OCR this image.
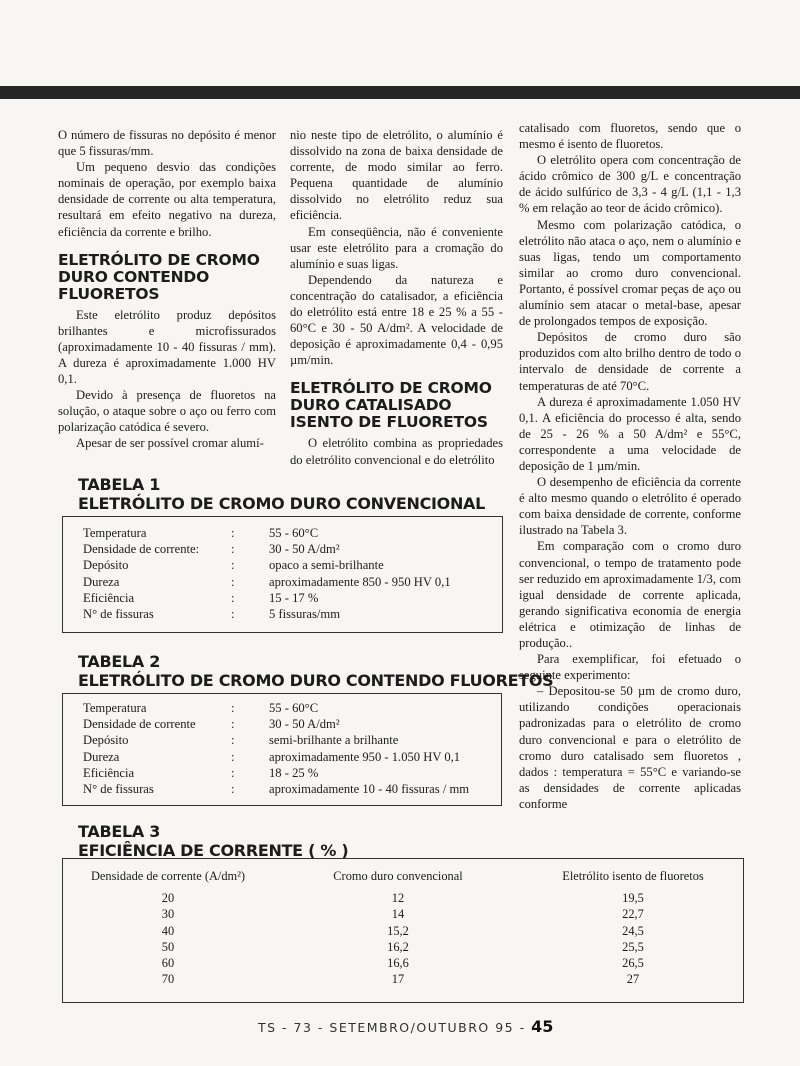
O número de fissuras no depósito é menor que 5 fissuras/mm.

Um pequeno desvio das condições nominais de operação, por exemplo baixa densidade de corrente ou alta temperatura, resultará em efeito negativo na dureza, eficiência da corrente e brilho.

ELETRÓLITO DE CROMO DURO CONTENDO FLUORETOS

Este eletrólito produz depósitos brilhantes e microfissurados (aproximadamente 10 - 40 fissuras / mm). A dureza é aproximadamente 1.000 HV 0,1.

Devido à presença de fluoretos na solução, o ataque sobre o aço ou ferro com polarização catódica é severo.

Apesar de ser possível cromar alumí-

nio neste tipo de eletrólito, o alumínio é dissolvido na zona de baixa densidade de corrente, de modo similar ao ferro. Pequena quantidade de alumínio dissolvido no eletrólito reduz sua eficiência.

Em conseqüência, não é conveniente usar este eletrólito para a cromação do alumínio e suas ligas.

Dependendo da natureza e concentração do catalisador, a eficiência do eletrólito está entre 18 e 25 % a 55 - 60°C e 30 - 50 A/dm². A velocidade de deposição é aproximadamente 0,4 - 0,95 µm/min.

ELETRÓLITO DE CROMO DURO CATALISADO ISENTO DE FLUORETOS

O eletrólito combina as propriedades do eletrólito convencional e do eletrólito

catalisado com fluoretos, sendo que o mesmo é isento de fluoretos.

O eletrólito opera com concentração de ácido crômico de 300 g/L e concentração de ácido sulfúrico de 3,3 - 4 g/L (1,1 - 1,3 % em relação ao teor de ácido crômico).

Mesmo com polarização catódica, o eletrólito não ataca o aço, nem o alumínio e suas ligas, tendo um comportamento similar ao cromo duro convencional. Portanto, é possível cromar peças de aço ou alumínio sem atacar o metal-base, apesar de prolongados tempos de exposição.

Depósitos de cromo duro são produzidos com alto brilho dentro de todo o intervalo de densidade de corrente a temperaturas de até 70°C.

A dureza é aproximadamente 1.050 HV 0,1. A eficiência do processo é alta, sendo de 25 - 26 % a 50 A/dm² e 55°C, correspondente a uma velocidade de deposição de 1 µm/min.

O desempenho de eficiência da corrente é alto mesmo quando o eletrólito é operado com baixa densidade de corrente, conforme ilustrado na Tabela 3.

Em comparação com o cromo duro convencional, o tempo de tratamento pode ser reduzido em aproximadamente 1/3, com igual densidade de corrente aplicada, gerando significativa economia de energia elétrica e otimização de linhas de produção..

Para exemplificar, foi efetuado o seguinte experimento:

– Depositou-se 50 µm de cromo duro, utilizando condições operacionais padronizadas para o eletrólito de cromo duro convencional e para o eletrólito de cromo duro catalisado sem fluoretos , dados : temperatura = 55°C e variando-se as densidades de corrente aplicadas conforme

TABELA 1
ELETRÓLITO DE CROMO DURO CONVENCIONAL
Temperatura	:	55 - 60°C
Densidade de corrente:	:	30 - 50 A/dm²
Depósito	:	opaco a semi-brilhante
Dureza	:	aproximadamente 850 - 950 HV 0,1
Eficiência	:	15 - 17 %
N° de fissuras	:	5 fissuras/mm
TABELA 2
ELETRÓLITO DE CROMO DURO CONTENDO FLUORETOS
Temperatura	:	55 - 60°C
Densidade de corrente	:	30 - 50 A/dm²
Depósito	:	semi-brilhante a brilhante
Dureza	:	aproximadamente 950 - 1.050 HV 0,1
Eficiência	:	18 - 25 %
N° de fissuras	:	aproximadamente 10 - 40 fissuras / mm
TABELA 3
EFICIÊNCIA DE CORRENTE ( % )
Densidade de corrente (A/dm²)	Cromo duro convencional	Eletrólito isento de fluoretos
20	12	19,5
30	14	22,7
40	15,2	24,5
50	16,2	25,5
60	16,6	26,5
70	17	27
TS - 73 - SETEMBRO/OUTUBRO 95 - 45
